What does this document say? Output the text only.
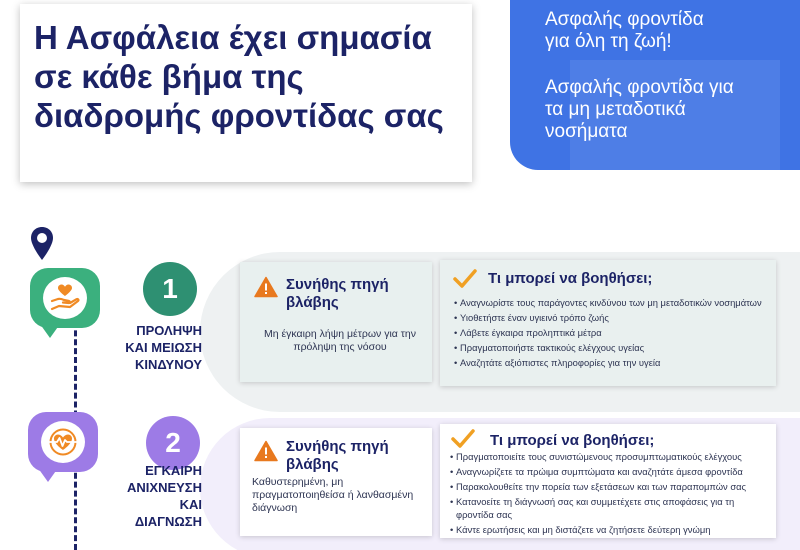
Η Ασφάλεια έχει σημασία
σε κάθε βήμα της
διαδρομής φροντίδας σας

Ασφαλής φροντίδα
για όλη τη ζωή!

Ασφαλής φροντίδα για
τα μη μεταδοτικά
νοσήματα

1
ΠΡΟΛΗΨΗ
ΚΑΙ ΜΕΙΩΣΗ
ΚΙΝΔΥΝΟΥ
2
ΕΓΚΑΙΡΗ
ΑΝΙΧΝΕΥΣΗ ΚΑΙ
ΔΙΑΓΝΩΣΗ
Συνήθης πηγή
βλάβης

Μη έγκαιρη λήψη μέτρων για την πρόληψη της νόσου

Τι μπορεί να βοηθήσει;
• Αναγνωρίστε τους παράγοντες κινδύνου των μη μεταδοτικών νοσημάτων
• Υιοθετήστε έναν υγιεινό τρόπο ζωής
• Λάβετε έγκαιρα προληπτικά μέτρα
• Πραγματοποιήστε τακτικούς ελέγχους υγείας
• Αναζητάτε αξιόπιστες πληροφορίες για την υγεία
Συνήθης πηγή
βλάβης

Καθυστερημένη, μη πραγματοποιηθείσα ή λανθασμένη διάγνωση

Τι μπορεί να βοηθήσει;
• Πραγματοποιείτε τους συνιστώμενους προσυμπτωματικούς ελέγχους
• Αναγνωρίζετε τα πρώιμα συμπτώματα και αναζητάτε άμεσα φροντίδα
• Παρακολουθείτε την πορεία των εξετάσεων και των παραπομπών σας
• Κατανοείτε τη διάγνωσή σας και συμμετέχετε στις αποφάσεις για τη φροντίδα σας
• Κάντε ερωτήσεις και μη διστάζετε να ζητήσετε δεύτερη γνώμη
